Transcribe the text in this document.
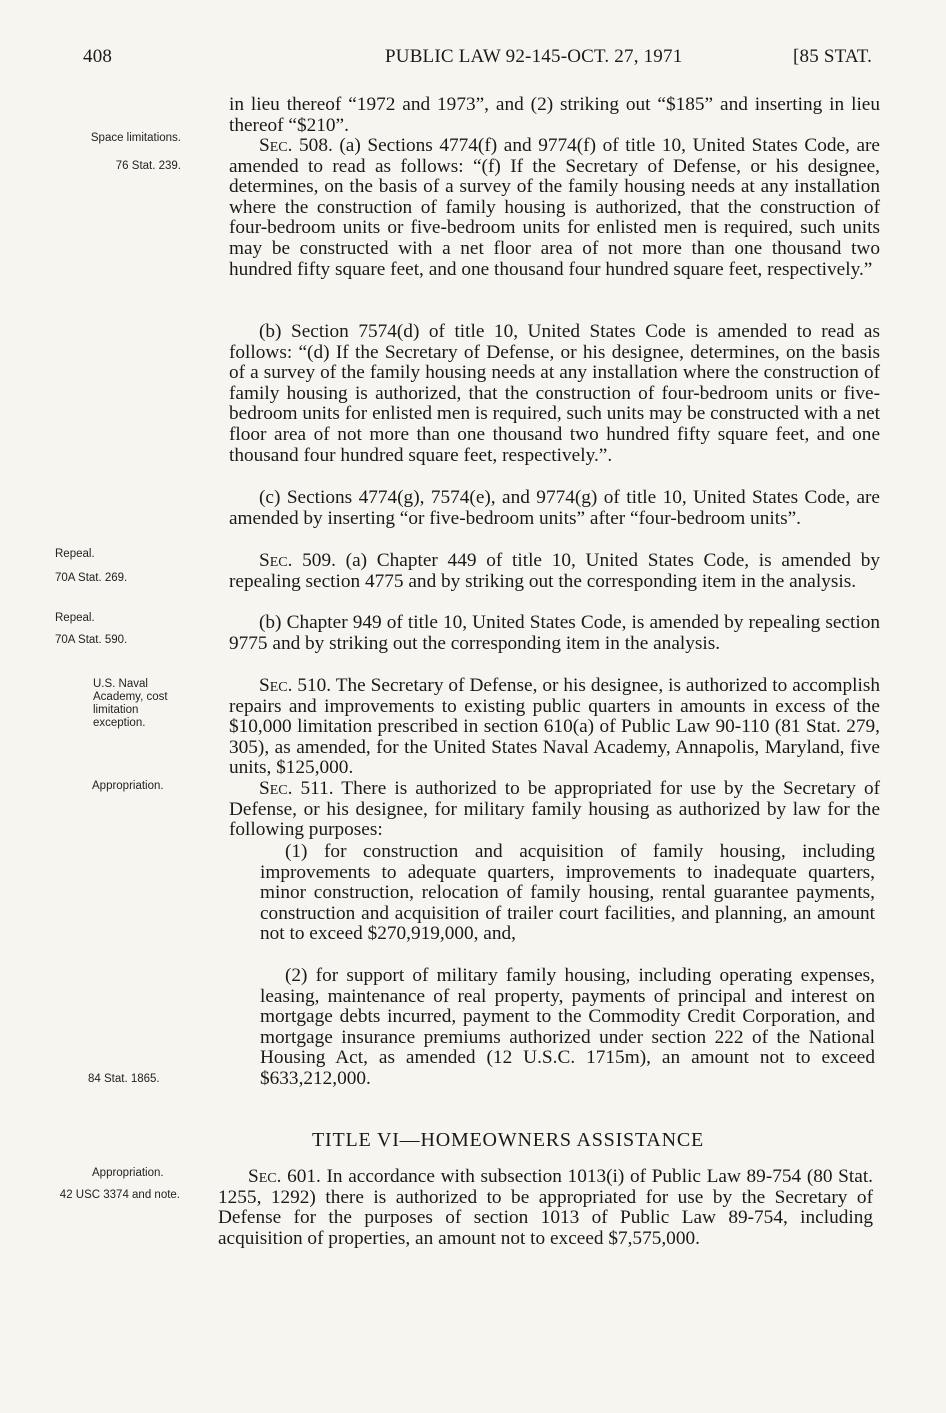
408	PUBLIC LAW 92-145-OCT. 27, 1971	[85 STAT.
Space limitations.
76 Stat. 239.
Repeal.
70A Stat. 269.
Repeal.
70A Stat. 590.
U.S. Naval Academy, cost limitation exception.
Appropriation.
84 Stat. 1865.
Appropriation.
42 USC 3374 and note.

in lieu thereof “1972 and 1973”, and (2) striking out “$185” and inserting in lieu thereof “$210”.

Sec. 508. (a) Sections 4774(f) and 9774(f) of title 10, United States Code, are amended to read as follows: “(f) If the Secretary of Defense, or his designee, determines, on the basis of a survey of the family housing needs at any installation where the construction of family housing is authorized, that the construction of four-bedroom units or five-bedroom units for enlisted men is required, such units may be constructed with a net floor area of not more than one thousand two hundred fifty square feet, and one thousand four hundred square feet, respectively.”

(b) Section 7574(d) of title 10, United States Code is amended to read as follows: “(d) If the Secretary of Defense, or his designee, determines, on the basis of a survey of the family housing needs at any installation where the construction of family housing is authorized, that the construction of four-bedroom units or five-bedroom units for enlisted men is required, such units may be constructed with a net floor area of not more than one thousand two hundred fifty square feet, and one thousand four hundred square feet, respectively.”.

(c) Sections 4774(g), 7574(e), and 9774(g) of title 10, United States Code, are amended by inserting “or five-bedroom units” after “four-bedroom units”.

Sec. 509. (a) Chapter 449 of title 10, United States Code, is amended by repealing section 4775 and by striking out the corresponding item in the analysis.

(b) Chapter 949 of title 10, United States Code, is amended by repealing section 9775 and by striking out the corresponding item in the analysis.

Sec. 510. The Secretary of Defense, or his designee, is authorized to accomplish repairs and improvements to existing public quarters in amounts in excess of the $10,000 limitation prescribed in section 610(a) of Public Law 90-110 (81 Stat. 279, 305), as amended, for the United States Naval Academy, Annapolis, Maryland, five units, $125,000.

Sec. 511. There is authorized to be appropriated for use by the Secretary of Defense, or his designee, for military family housing as authorized by law for the following purposes:

(1) for construction and acquisition of family housing, including improvements to adequate quarters, improvements to inadequate quarters, minor construction, relocation of family housing, rental guarantee payments, construction and acquisition of trailer court facilities, and planning, an amount not to exceed $270,919,000, and,

(2) for support of military family housing, including operating expenses, leasing, maintenance of real property, payments of principal and interest on mortgage debts incurred, payment to the Commodity Credit Corporation, and mortgage insurance premiums authorized under section 222 of the National Housing Act, as amended (12 U.S.C. 1715m), an amount not to exceed $633,212,000.

TITLE VI—HOMEOWNERS ASSISTANCE

Sec. 601. In accordance with subsection 1013(i) of Public Law 89-754 (80 Stat. 1255, 1292) there is authorized to be appropriated for use by the Secretary of Defense for the purposes of section 1013 of Public Law 89-754, including acquisition of properties, an amount not to exceed $7,575,000.
